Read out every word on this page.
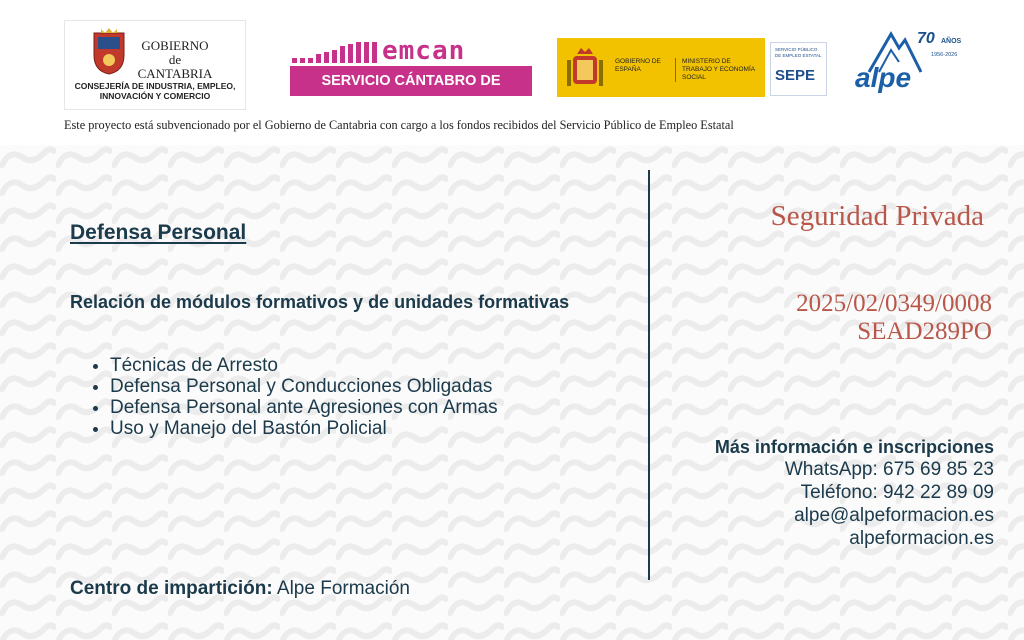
GOBIERNO
de
CANTABRIA
CONSEJERÍA DE INDUSTRIA, EMPLEO, INNOVACIÓN Y COMERCIO
emcan
SERVICIO CÁNTABRO DE EMPLEO
GOBIERNO DE ESPAÑA
MINISTERIO DE TRABAJO Y ECONOMÍA SOCIAL
SERVICIO PÚBLICO DE EMPLEO ESTATAL
SEPE alpe
70 AÑOS
1956-2026
Este proyecto está subvencionado por el Gobierno de Cantabria con cargo a los fondos recibidos del Servicio Público de Empleo Estatal
Defensa Personal
Relación de módulos formativos y de unidades formativas
• Técnicas de Arresto
• Defensa Personal y Conducciones Obligadas
• Defensa Personal ante Agresiones con Armas
• Uso y Manejo del Bastón Policial
Centro de impartición: Alpe Formación
Seguridad Privada
2025/02/0349/0008
SEAD289PO
Más información e inscripciones
WhatsApp: 675 69 85 23
Teléfono: 942 22 89 09
alpe@alpeformacion.es
alpeformacion.es
